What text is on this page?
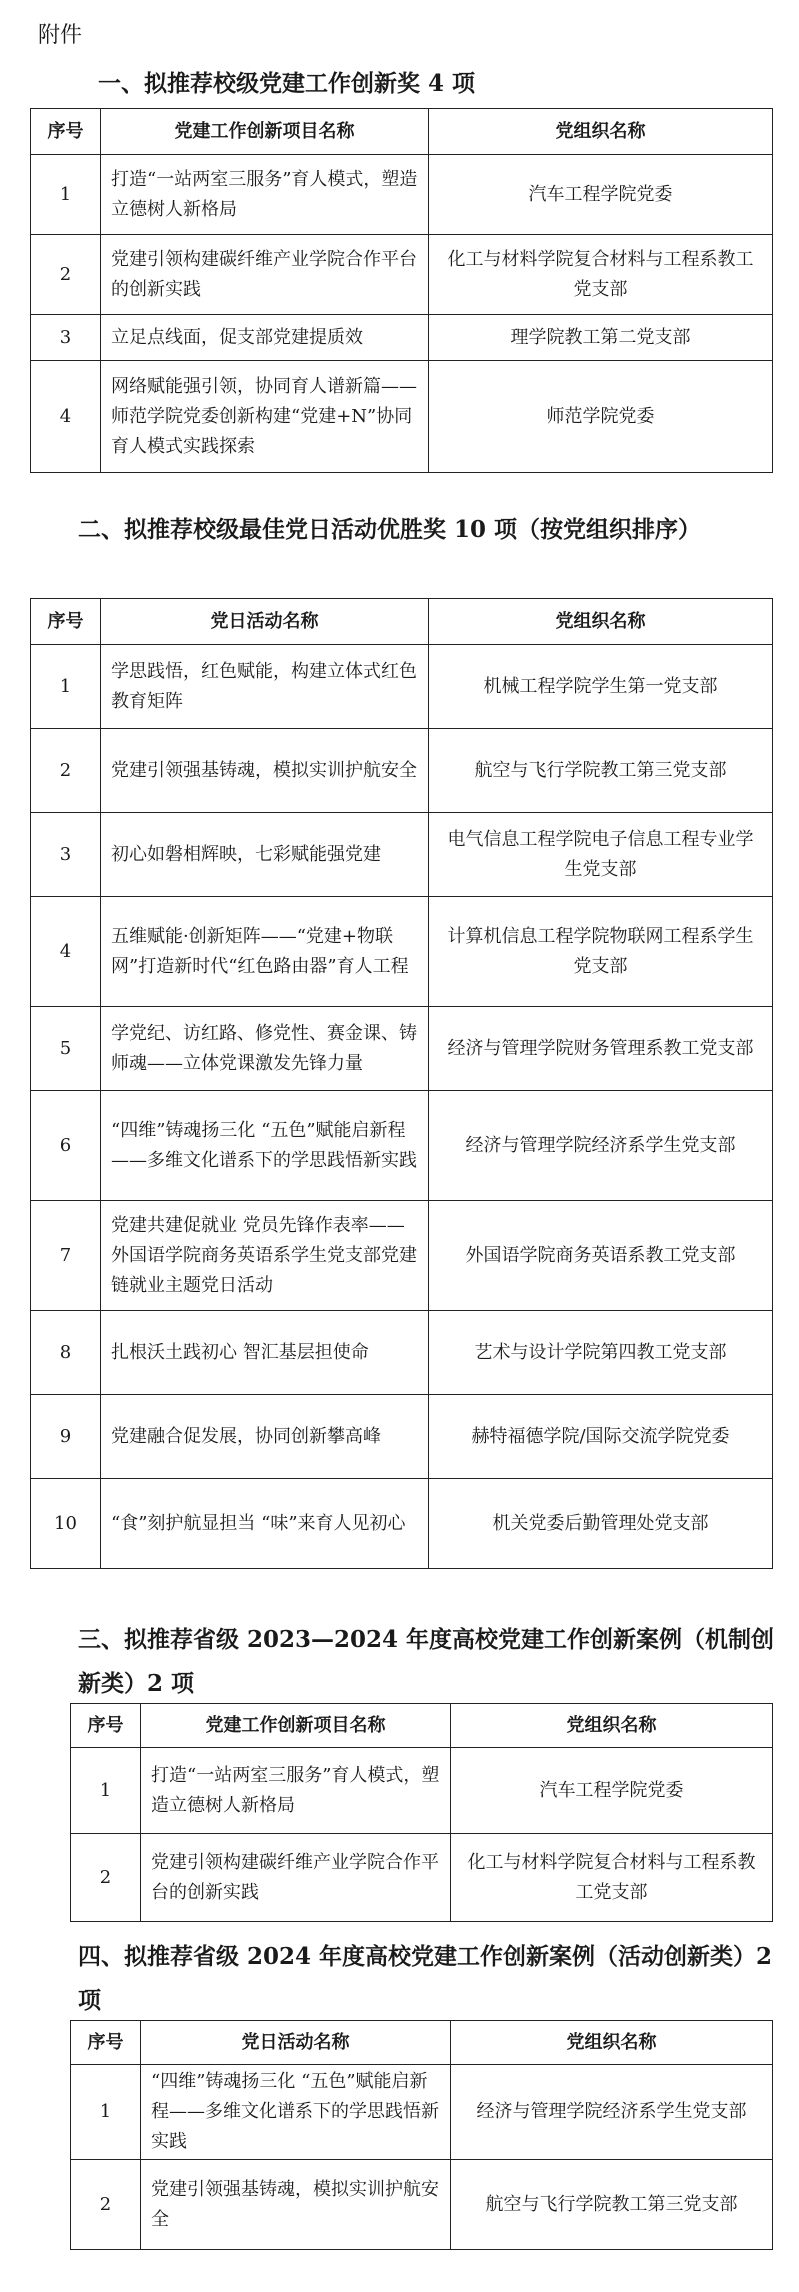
附件
一、拟推荐校级党建工作创新奖 4 项
序号	党建工作创新项目名称	党组织名称
1	打造“一站两室三服务”育人模式，塑造立德树人新格局	汽车工程学院党委
2	党建引领构建碳纤维产业学院合作平台的创新实践	化工与材料学院复合材料与工程系教工党支部
3	立足点线面，促支部党建提质效	理学院教工第二党支部
4	网络赋能强引领，协同育人谱新篇——师范学院党委创新构建“党建+N”协同育人模式实践探索	师范学院党委
二、拟推荐校级最佳党日活动优胜奖 10 项（按党组织排序）
序号	党日活动名称	党组织名称
1	学思践悟，红色赋能，构建立体式红色教育矩阵	机械工程学院学生第一党支部
2	党建引领强基铸魂，模拟实训护航安全	航空与飞行学院教工第三党支部
3	初心如磐相辉映，七彩赋能强党建	电气信息工程学院电子信息工程专业学生党支部
4	五维赋能·创新矩阵——“党建+物联网”打造新时代“红色路由器”育人工程	计算机信息工程学院物联网工程系学生党支部
5	学党纪、访红路、修党性、赛金课、铸师魂——立体党课激发先锋力量	经济与管理学院财务管理系教工党支部
6	“四维”铸魂扬三化 “五色”赋能启新程——多维文化谱系下的学思践悟新实践	经济与管理学院经济系学生党支部
7	党建共建促就业 党员先锋作表率——外国语学院商务英语系学生党支部党建链就业主题党日活动	外国语学院商务英语系教工党支部
8	扎根沃土践初心 智汇基层担使命	艺术与设计学院第四教工党支部
9	党建融合促发展，协同创新攀高峰	赫特福德学院/国际交流学院党委
10	“食”刻护航显担当 “味”来育人见初心	机关党委后勤管理处党支部
三、拟推荐省级 2023—2024 年度高校党建工作创新案例（机制创新类）2 项
序号	党建工作创新项目名称	党组织名称
1	打造“一站两室三服务”育人模式，塑造立德树人新格局	汽车工程学院党委
2	党建引领构建碳纤维产业学院合作平台的创新实践	化工与材料学院复合材料与工程系教工党支部
四、拟推荐省级 2024 年度高校党建工作创新案例（活动创新类）2 项
序号	党日活动名称	党组织名称
1	“四维”铸魂扬三化 “五色”赋能启新程——多维文化谱系下的学思践悟新实践	经济与管理学院经济系学生党支部
2	党建引领强基铸魂，模拟实训护航安全	航空与飞行学院教工第三党支部
